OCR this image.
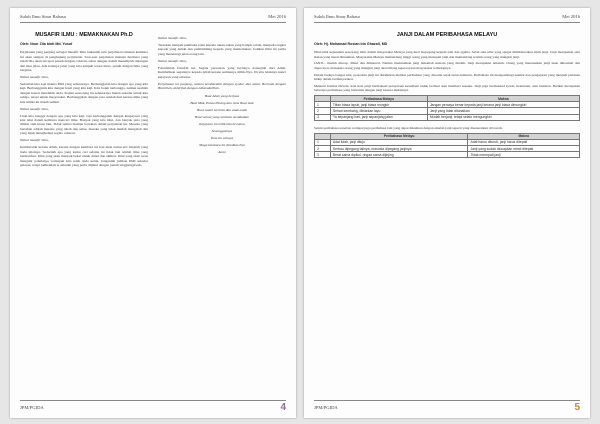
Suluh Ilmu Sinar Bahasa	Mei 2016
MUSAFIR ILMU : MEMAKNAKAN Ph.D
Oleh: Noor Zila binti Md. Yusuf

Perjalanan yang panjang sebagai musafir ilmu bukanlah satu perjalanan tahunan kembara ini akan sampai di penghujung perjalanan. Saat-saat perjalanan menuju destinasi yang entah bila akan tercapai penuh dengan cabaran, sabar dengan dalam menempuh rintangan dan liku jalan. Ada kalanya jalan yang kita tempuh terasa lurus, penuh dengan ilmu yang berguna.

Wahai musafir ilmu,

Sedarilah kita saja makna PhD yang sebenarnya. Berbanggalah kita dengan apa yang kita kaji. Berbanggalah kita dengan hasil yang kita kaji. Kita boleh berbangga, namun usahlah dengan hasrat mendabik dada. Kajian seseorang itu sebenarnya bukan sekadar untuk kita sahaja, tetapi untuk masyarakat. Berbanggalah dengan rasa rendah hati kerana ilmu yang kita miliki ini masih sedikit.

Wahai musafir ilmu,

Usah kita bangga dengan apa yang kita kaji, tapi berbanggalah dengan keupayaan yang kita lalui dalam kembara mencari ilmu. Banyak yang kita lalui, dan banyak pula yang dilalui oleh insan lain. Tidak semua mampu bertahan dalam perjalanan ini. Mereka yang bertahan adalah mereka yang tabah dan sabar, mereka yang tidak mudah mengalah dan yang bijak menghadapi segala cabaran.

Wahai musafir ilmu,

Kembaralah kerana Allah, kerana dengan kembara ini kau akan temui erti falsafah yang tiada nilainya. Sedarilah apa yang kamu cari selama ini tidak lain adalah ilmu yang bermanfaat. Ilmu yang akan menjadi bekal untuk dunia dan akhirat. Ilmu yang akan terus mengalir pahalanya walaupun kita telah tiada kelak. Janganlah jadikan PhD sekadar gelaran, tetapi jadikanlah ia amanah yang perlu dipikul dengan penuh tanggungjawab.

Wahai musafir ilmu,

Teruskan menjadi pembuka jalan kepada rakan-rakan yang hampir rebah, menjadi tongkat kepada yang lemah dan pembimbing kepada yang memerlukan. Jadikan ilmu itu pelita yang menerangi jalan orang lain.

Wahai musafir ilmu,

Falsafahlah falsafah ini. Segala persoalan yang bertanya datanglah dari Allah. Kembalikan segalanya kepada Allah kerana semuanya milik-Nya. Di situ letaknya kunci kejayaan yang sebenar.

Perjalanan ini panjang, namun kembaralah dengan syukur dan sabar. Bermula dengan Bismillah, akhirilah dengan Alhamdulillah.

Buat Abah yang berjasa

Buat Mak, Pulau Pinang dan Jasa Buat mak

Buat suami tercinta dan anak-anak

Buat semua yang sentiasa mendoakan

Kejayaan ini milik kita bersama

Sesungguhnya

Ilmu itu cahaya

Moga kembara ini diredhai-Nya

Amin

JPM/PGIDA	4
Suluh Ilmu Sinar Bahasa	Mei 2016
JANJI DALAM PERIBAHASA MELAYU
Oleh: Hj. Mohamad Rosian bin Ghazali, MD

Nilai-nilai kepatuhan seseorang lahir dalam masyarakat Melayu yang kuat berpegang kepada adat dan agama. Salah satu nilai yang sangat dititikberatkan ialah janji. Janji merupakan satu ikatan yang mesti ditunaikan. Masyarakat Melayu memandang tinggi orang yang menepati janji dan memandang rendah orang yang mungkir janji.

JANJI... mudah diucap, diberi dan dimeterai. Namun menunaikan janji bukanlah sesuatu yang mudah. Janji merupakan amanah. Orang yang menunaikan janji akan dihormati dan dipercayai, manakala orang yang mungkir janji akan hilang kepercayaan masyarakat terhadapnya.

Dalam budaya bangsa kita, persoalan janji ini dizahirkan melalui peribahasa yang diwarisi sejak turun-temurun. Peribahasa ini mengandungi nasihat dan pengajaran yang menjadi panduan hidup dalam bermasyarakat.

Menurut Kamus Dewan, kata kata janji bermaksud pernyataan kesediaan untuk berbuat atau memberi sesuatu. Janji juga bermaksud syarat, ketentuan, atau tuntutan. Berikut merupakan beberapa peribahasa yang berkaitan dengan janji beserta maknanya.

	Peribahasa Melayu	Makna
1	Titian biasa lapuk, janji biasa mungkir	Jangan percaya benar kepada janji kerana janji biasa dimungkiri
2	Sehari kembang, dibiarkan layu	Janji yang tidak ditunaikan
3	Ya sepanjang hari, janji sepanjang jalan	Mudah berjanji, tetapi selalu mengungkiri

Selain peribahasa tersebut, terdapat juga peribahasa lain yang dapat dikaitkan dengan amalan janji seperti yang disenaraikan di bawah.

	Peribahasa Melayu	Makna
1	Adat lidah, janji dituju	Adat harus dituruti, janji harus ditepati
2	Kerbau dipegang talinya, manusia dipegang janjinya	Janji yang sudah diucapkan mesti ditepati
3	Berat sama dipikul, ringan sama dijinjing	Tidak menepati janji
JPM/PGIDA	5
